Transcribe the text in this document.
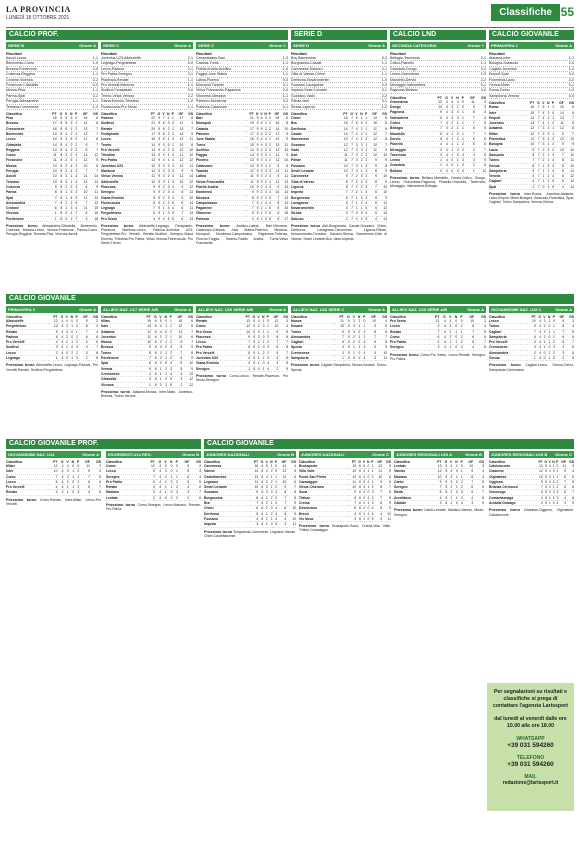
LA PROVINCIA
LUNEDÌ 18 OTTOBRE 2021	Classifiche 55
CALCIO PROF.	SERIE D	CALCIO LND	CALCIO GIOVANILE
CALCIO GIOVANILE
CALCIO GIOVANILE PROF.	CALCIO GIOVANILE
SERIE B	Girone A
Risultati
Ascoli-Lecce	1-1
Benevento-Como	1-0
Brescia-Pordenone	3-0
Cosenza-Reggina	1-1
Crotone-Vicenza	2-2
Frosinone-Cittadella	0-0
Monza-Pisa	1-1
Parma-Spal	2-2
Perugia-Alessandria	1-1
Ternana-Cremonese	1-2
Classifica	PT	G	V	N	P	GF	GS
Pisa	18	8	5	3	0	15	6
Brescia	17	8	5	2	1	14	8
Cremonese	16	8	5	1	2	13	7
Benevento	14	8	4	2	2	12	7
Lecce	14	8	3	5	0	11	6
Cittadella	14	8	4	2	2	9	7
Reggina	14	8	4	2	2	8	7
Como	11	8	3	2	3	13	12
Frosinone	11	8	2	5	1	12	9
Monza	10	8	2	4	2	10	9
Perugia	10	8	2	4	2	7	7
Ascoli	10	8	3	1	4	11	14
Ternana	10	8	3	1	4	12	14
Cosenza	9	8	2	3	3	6	9
Parma	8	8	1	5	2	10	11
Spal	7	8	1	4	3	11	13
Alessandria	7	8	2	1	5	7	13
Crotone	6	8	1	3	4	11	15
Vicenza	1	8	0	1	7	6	16
Pordenone	1	8	0	1	7	3	18
Prossimo turno Alessandria-Cittadella, Benevento-Cosenza, Brescia-Lecce, Monza-Frosinone, Parma-Como, Perugia-Reggina, Ternana-Pisa, Vicenza-Ascoli.
SERIE C	Girone A
Risultati
Juventus U23-Albinoleffe	2-1
Legnago-Pergolettese	0-0
Lecco-Padova	2-1
Pro Patria-Seregno	3-1
Piacenza-Renate	1-1
Pro Vercelli-Mantova	1-1
Sudtirol-Feralpisalò	0-0
Trento-Virtus Verona	2-2
Giana Erminio-Triestina	1-0
Fiorenzuola-Pro Sesto	1-1
Classifica	PT	G	V	N	P	GF	GS
Padova	22	9	7	1	1	17	6
Sudtirol	21	9	6	3	0	11	1
Renate	20	9	6	2	1	14	7
Feralpisalò	17	9	5	2	2	14	9
Lecco	16	9	5	1	3	13	11
Trento	14	9	3	5	1	10	8
Pro Vercelli	14	9	4	2	3	12	10
Triestina	13	9	4	1	4	11	10
Pro Patria	13	9	4	1	4	12	12
Juventus U23	12	9	3	3	3	12	11
Mantova	12	9	3	3	3	9	9
Virtus Verona	11	9	3	2	4	11	14
Albinoleffe	10	9	3	1	5	10	12
Piacenza	9	9	2	3	4	9	12
Seregno	9	9	2	3	4	8	13
Giana Erminio	9	9	2	3	4	6	10
Fiorenzuola	8	9	2	2	5	8	14
Legnago	7	9	1	4	4	6	11
Pergolettese	6	9	1	3	5	7	13
Pro Sesto	4	9	0	4	5	6	13
Prossimo turno Albinoleffe-Legnago, Feralpisalò-Piacenza, Mantova-Lecco, Padova-Juventus U23, Pergolettese-Pro Vercelli, Renate-Sudtirol, Seregno-Giana Erminio, Triestina-Pro Patria, Virtus Verona-Fiorenzuola, Pro Sesto-Trento.
SERIE C	Girone C
Risultati
Campobasso-Bari	1-3
Catania-Turris	1-1
Fidelis Andria-Avellino	1-0
Foggia-Juve Stabia	1-1
Latina-Picerno	0-0
Monopoli-Taranto	2-1
Virtus Francavilla-Paganese	2-0
Vibonese-Messina	1-1
Palermo-Monterosi	3-2
Potenza-Catanzaro	0-1
Classifica	PT	G	V	N	P	GF	GS
Bari	21	9	6	3	0	18	6
Monopoli	19	9	6	1	2	16	8
Catania	17	9	5	2	2	14	10
Palermo	17	9	5	2	2	17	9
Juve Stabia	16	9	4	4	1	13	9
Turris	15	9	4	3	2	13	11
Avellino	14	9	4	2	3	11	10
Foggia	14	9	3	5	1	11	9
Picerno	13	9	3	4	2	11	10
Catanzaro	13	9	3	4	2	9	8
Taranto	12	9	3	3	3	11	11
Latina	11	9	3	2	4	9	11
Virtus Francavilla	11	9	3	2	4	11	13
Fidelis Andria	10	9	2	4	3	9	10
Monterosi	9	9	2	3	4	10	14
Messina	8	9	2	2	5	7	13
Campobasso	7	9	1	4	4	8	13
Paganese	7	9	2	1	6	8	15
Vibonese	5	9	1	2	6	6	15
Potenza	3	9	1	0	8	5	17
Prossimo turno Avellino-Latina, Bari-Vibonese, Catanzaro-Catania, Juve Stabia-Palermo, Messina-Monopoli, Monterosi-Campobasso, Paganese-Potenza, Picerno-Foggia, Taranto-Fidelis Andria, Turris-Virtus Francavilla.
SERIE D	Girone A
Risultati
Bra-Sanremese	0-2
Borgosesia-Casale	1-1
Caronnese-Saluzzo	2-1
Città di Varese-Chieri	1-1
Derthona-Novaromentin	1-0
Fossano-Lavagnese	2-0
Imperia-Sestri Levante	0-1
Gozzano-Vado	2-2
Pdhae-Asti	3-1
Stresa-Ligorna	1-2
Classifica	PT	G	V	N	P	GF	GS
Chieri	16	7	5	1	1	13	5
Bra	15	7	5	0	2	16	8
Derthona	14	7	4	2	1	11	6
Casale	14	7	4	2	1	12	7
Sanremese	13	7	4	1	2	12	8
Gozzano	12	7	3	3	1	10	7
Vado	12	7	3	3	1	11	9
Asti	11	7	3	2	2	12	10
Pdhae	11	7	3	2	2	9	9
Fossano	10	7	3	1	3	9	8
Sestri Levante	10	7	3	1	3	8	9
Caronnese	9	7	2	3	2	9	10
Città di Varese	8	7	2	2	3	8	9
Ligorna	8	7	2	2	3	7	10
Imperia	7	7	2	1	4	6	10
Borgosesia	6	7	1	3	3	6	9
Lavagnese	5	7	1	2	4	5	12
Novaromentin	4	7	1	1	5	5	12
Stresa	3	7	0	3	4	5	13
Saluzzo	2	7	0	2	5	4	13
Prossimo turno Asti-Borgosesia, Casale-Gozzano, Chieri-Derthona, Lavagnese-Caronnese, Ligorna-Pdhae, Novaromentin-Fossano, Saluzzo-Stresa, Sanremese-Città di Varese, Sestri Levante-Bra, Vado-Imperia.
SECONDA CATEGORIA	Girone ?
Risultati
Bellagio-Tavernola	2-1
Colico-Pianello	1-1
Grandola-Dongo	0-2
Lenno-Gravedona	1-3
Mandello-Dervio	2-2
Menaggio-Valmadrera	0-1
Pagnona-Bellano	3-0
Classifica	PT	G	V	N	P	GF	GS
Gravedona	12	4	4	0	0	11	3
Dongo	10	4	3	1	0	9	3
Pagnona	9	4	3	0	1	8	4
Valmadrera	9	4	3	0	1	7	4
Colico	7	4	2	1	1	7	5
Bellagio	7	4	2	1	1	6	5
Mandello	5	4	1	2	1	7	7
Dervio	5	4	1	2	1	6	6
Pianello	4	4	1	1	2	5	6
Menaggio	3	4	1	0	3	4	7
Tavernola	3	4	1	0	3	4	8
Lenno	1	4	0	1	3	3	9
Grandola	1	4	0	1	3	2	8
Bellano	0	4	0	0	4	1	10
Prossimo turno Bellano-Mandello, Dervio-Colico, Dongo-Lenno, Gravedona-Pagnona, Pianello-Grandola, Tavernola-Menaggio, Valmadrera-Bellagio.
PRIMAVERA 1	Girone A
Risultati
Atalanta-Inter	1-1
Bologna-Sassuolo	2-0
Cagliari-Juventus	1-2
Empoli-Spal	3-0
Fiorentina-Lazio	2-2
Genoa-Milan	0-1
Roma-Torino	1-0
Sampdoria-Verona	0-0
Classifica	PT	G	V	N	P	GF	GS
Roma	16	7	5	1	1	15	6
Inter	15	7	4	3	0	14	6
Empoli	14	7	4	2	1	13	7
Juventus	13	7	4	1	2	11	8
Atalanta	12	7	3	3	1	12	8
Milan	12	7	3	3	1	9	7
Fiorentina	11	7	3	2	2	12	10
Bologna	10	7	3	1	3	9	9
Lazio	9	7	2	3	2	10	10
Sassuolo	8	7	2	2	3	7	10
Torino	7	7	2	1	4	8	11
Genoa	6	7	1	3	3	6	10
Sampdoria	5	7	1	2	4	5	11
Verona	5	7	1	2	4	6	12
Cagliari	4	7	1	1	5	5	13
Spal	2	7	0	2	5	4	14
Prossimo turno Inter-Roma, Juventus-Atalanta, Lazio-Empoli, Milan-Bologna, Sassuolo-Fiorentina, Spal-Cagliari, Torino-Sampdoria, Verona-Genoa.
PRIMAVERA 3	Girone A
Classifica	PT	G	V	N	P	GF	GS
Albinoleffe	12	4	4	0	0	9	2
Pergolettese	10	4	3	1	0	8	3
Renate	9	4	3	0	1	7	4
Padova	6	4	2	0	2	6	6
Pro Vercelli	4	4	1	1	2	4	6
Sudtirol	3	4	1	0	3	3	7
Lecco	2	4	0	2	2	3	6
Legnago	1	4	0	1	3	2	8
Prossimo turno Albinoleffe-Lecco, Legnago-Padova, Pro Vercelli-Renate, Sudtirol-Pergolettese.
ALLIEVI NAZ. U17 SERIE A/B	Girone A
Classifica	PT	G	V	N	P	GF	GS
Milan	15	6	5	0	1	16	6
Inter	13	6	4	1	1	12	5
Atalanta	12	6	4	0	2	11	7
Juventus	11	6	3	2	1	10	6
Monza	10	6	3	1	2	9	7
Brescia	9	6	3	0	3	8	9
Torino	8	6	2	2	2	7	8
Pordenone	7	6	2	1	3	6	9
Spal	6	6	2	0	4	5	10
Verona	5	6	1	2	3	5	9
Cremonese	4	6	1	1	4	4	10
Cittadella	3	6	1	0	5	3	12
Vicenza	1	6	0	1	5	2	12
Prossimo turno Atalanta-Monza, Inter-Milan, Juventus-Brescia, Torino-Verona.
ALLIEVI NAZ. U16 SERIE A/B	Girone A
Classifica	PT	G	V	N	P	GF	GS
Renate	13	5	4	1	0	11	3
Como	12	5	4	0	1	10	4
Pro Sesto	10	5	3	1	1	9	5
Piacenza	9	5	3	0	2	8	6
Lecco	7	5	2	1	2	7	7
Pro Patria	6	5	2	0	3	6	8
Pro Vercelli	5	5	1	2	2	5	7
Juventus U23	4	5	1	1	3	4	8
Giana Erminio	3	5	1	0	4	3	9
Seregno	1	5	0	1	4	2	9
Prossimo turno Como-Lecco, Renate-Piacenza, Pro Sesto-Seregno.
ALLIEVI NAZ. U16 SERIE C	Girone A
Classifica	PT	G	V	N	P	GF	GS
Monza	11	5	3	2	0	10	4
Novara	10	5	3	1	1	9	5
Torino	9	5	3	0	2	8	6
Alessandria	7	5	2	1	2	7	7
Cagliari	6	5	2	0	3	6	8
Spezia	4	5	1	1	3	5	9
Cremonese	3	5	1	0	4	4	10
Sampdoria	1	5	0	1	4	3	11
Prossimo turno Cagliari-Sampdoria, Monza-Novara, Torino-Spezia.
ALLIEVI NAZ. U15 SERIE A/B	Girone A
Classifica	PT	G	V	N	P	GF	GS
Pro Sesto	12	4	4	0	0	10	2
Lecco	9	4	3	0	1	8	4
Renate	7	4	2	1	1	7	5
Como	6	4	2	0	2	6	6
Pro Patria	4	4	1	1	2	5	7
Seregno	3	4	1	0	3	4	8
Prossimo turno Como-Pro Sesto, Lecco-Renate, Seregno-Pro Patria.
GIOVANISSIMI NAZ. U15 C	Girone A
Classifica	PT	G	V	N	P	GF	GS
Lecco	10	4	3	1	0	9	3
Torino	9	4	3	0	1	8	4
Cagliari	7	4	2	1	1	7	5
Sampdoria	6	4	2	0	2	6	6
Pro Vercelli	4	4	1	1	2	5	7
Cremonese	3	4	1	0	3	4	8
Alessandria	2	4	0	2	2	3	6
Genoa	1	4	0	1	3	2	8
Prossimo turno Cagliari-Lecco, Genoa-Torino, Sampdoria-Cremonese.
GIOVANISSIMI NAZ. U14	Girone A
Classifica	PT	G	V	N	P	GF	GS
Milan	12	4	4	0	0	11	2
Inter	10	4	3	1	0	9	3
Como	7	4	2	1	1	7	5
Lecco	6	4	2	0	2	6	6
Pro Vercelli	4	4	1	1	2	5	7
Renate	3	4	1	0	3	4	8
Prossimo turno Como-Renate, Inter-Milan, Lecco-Pro Vercelli.
ESORDIENTI U13 REG.	Girone B
Classifica	PT	G	V	N	P	GF	GS
Como	12	4	4	0	0	9	2
Lecco	9	4	3	0	1	8	3
Seregno	7	4	2	1	1	6	4
Pro Patria	6	4	2	0	2	5	5
Renate	4	4	1	1	2	4	6
Mariano	3	4	1	0	3	3	7
Lentate	2	4	0	2	2	2	6
Prossimo turno Como-Seregno, Lecco-Mariano, Renate-Pro Patria.
JUNIORES NAZIONALI	Girone B
Classifica	PT	G	V	N	P	GF	GS
Caronnese	16	6	5	1	0	14	4
Varese	14	6	4	2	0	12	5
Castellanzese	13	6	4	1	1	11	6
Legnano	11	6	3	2	1	10	6
Sestri Levante	10	6	3	1	2	9	7
Gozzano	9	6	3	0	3	8	8
Borgosesia	8	6	2	2	2	7	8
Bra	7	6	2	1	3	7	9
Chieri	6	6	2	0	4	6	10
Derthona	5	6	1	2	3	5	9
Fossano	4	6	1	1	4	4	10
Imperia	3	6	1	0	5	3	11
Prossimo turno Borgosesia-Caronnese, Legnano-Varese, Chieri-Castellanzese.
JUNIORES NAZIONALI	Girone C
Classifica	PT	G	V	N	P	GF	GS
Brusaporto	15	6	5	0	1	13	5
Villa Valle	13	6	4	1	1	11	5
Ponte San Pietro	12	6	4	0	2	10	6
Caravaggio	11	6	3	2	1	9	6
Virtus Ciserano	10	6	3	1	2	8	7
Sona	9	6	3	0	3	7	8
Tritium	8	6	2	2	2	7	8
Crema	7	6	2	1	3	6	9
Desenzano	6	6	2	0	4	5	9
Breno	4	6	1	1	4	4	10
Vis Nova	3	6	1	0	5	3	11
Prossimo turno Brusaporto-Sona, Crema-Villa Valle, Tritium-Caravaggio.
JUNIORES REGIONALI U19 A	Girone B
Classifica	PT	G	V	N	P	GF	GS
Lentate	13	5	4	1	0	10	3
Varedo	12	5	4	0	1	9	4
Mariano	10	5	3	1	1	8	4
Cantù	9	5	3	0	2	7	5
Seregno	7	5	2	1	2	6	6
Meda	6	5	2	0	3	5	7
Arcellasco	4	5	1	1	3	4	8
Cabiate	3	5	1	0	4	3	9
Prossimo turno Cantù-Lentate, Mariano-Varedo, Meda-Seregno.
JUNIORES REGIONALI U19 B Girone C
Classifica	PT	G	V	N	P	GF	GS
Calolziocorte	13	5	4	1	0	11	3
Cisanese	12	5	4	0	1	9	4
Olginatese	10	5	3	1	1	8	5
Oggiono	9	5	3	0	2	7	5
Brianza Cernusco	7	5	2	1	2	6	6
Vercurago	6	5	2	0	3	5	7
Costamasnaga	4	5	1	1	3	4	8
Arcadia Dolzago	3	5	1	0	4	3	9
Prossimo turno Cisanese-Oggiono, Olginatese-Calolziocorte.
Per segnalazioni su risultati e classifiche si prega di contattare l'agenzia Larissport
dal lunedì al venerdì dalle ore 10.00 alle ore 18.00
WHATSAPP
+39 031 594260
TELEFONO
+39 031 594260
MAIL
redazione@larissport.it
